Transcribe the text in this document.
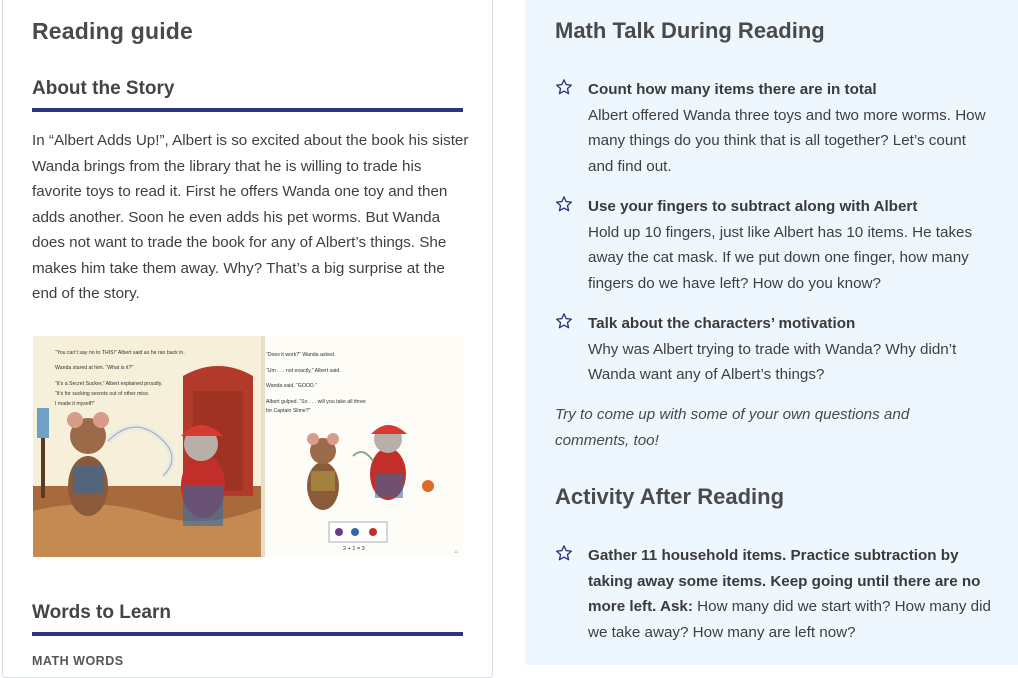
Reading guide
About the Story

In “Albert Adds Up!”, Albert is so excited about the book his sister Wanda brings from the library that he is willing to trade his favorite toys to read it. First he offers Wanda one toy and then adds another. Soon he even adds his pet worms. But Wanda does not want to trade the book for any of Albert’s things. She makes him take them away. Why? That’s a big surprise at the end of the story.

“You can’t say no to THIS!” Albert said as he ran back in.
Wanda stared at him. “What is it?”
“It’s a Secret Sucker,” Albert explained proudly.
“It’s for sucking secrets out of other mice.
I made it myself!”
“Does it work?” Wanda asked.
“Um . . . not exactly,” Albert said.
Wanda said, “GOOD.”
Albert gulped. “So . . . will you take all three
for Captain Slime?”
2 + 1 = 3	11
Words to Learn

MATH WORDS

Math Talk During Reading
Count how many items there are in total
Albert offered Wanda three toys and two more worms. How many things do you think that is all together? Let’s count and find out.
Use your fingers to subtract along with Albert
Hold up 10 fingers, just like Albert has 10 items. He takes away the cat mask. If we put down one finger, how many fingers do we have left? How do you know?
Talk about the characters’ motivation
Why was Albert trying to trade with Wanda? Why didn’t Wanda want any of Albert’s things?

Try to come up with some of your own questions and comments, too!

Activity After Reading
Gather 11 household items. Practice subtraction by taking away some items. Keep going until there are no more left. Ask: How many did we start with? How many did we take away? How many are left now?
